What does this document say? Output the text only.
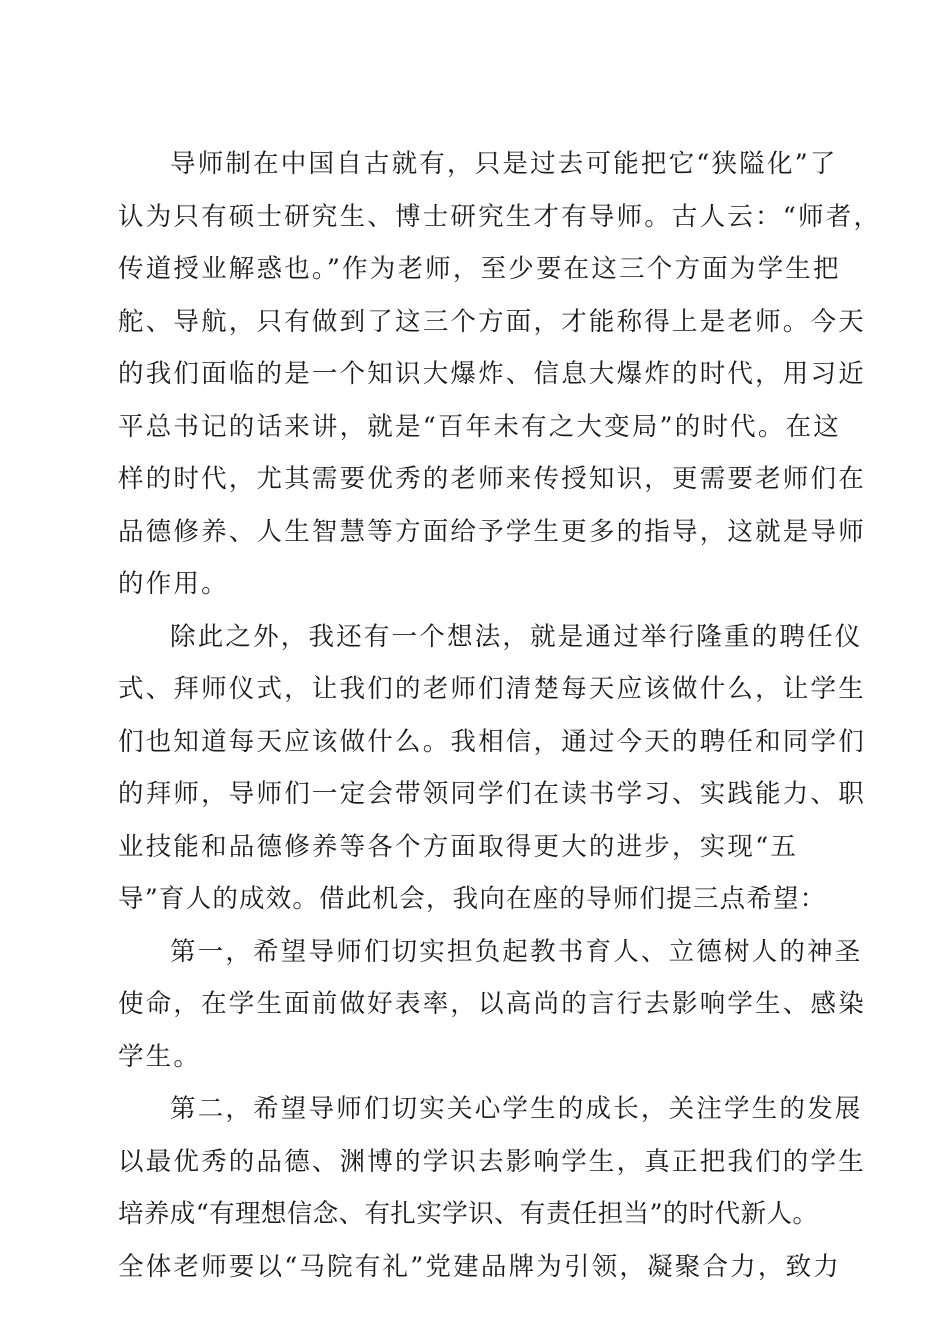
导师制在中国自古就有，只是过去可能把它“狭隘化”了
认为只有硕士研究生、博士研究生才有导师。古人云：“师者，
传道授业解惑也。”作为老师，至少要在这三个方面为学生把
舵、导航，只有做到了这三个方面，才能称得上是老师。今天
的我们面临的是一个知识大爆炸、信息大爆炸的时代，用习近
平总书记的话来讲，就是“百年未有之大变局”的时代。在这
样的时代，尤其需要优秀的老师来传授知识，更需要老师们在
品德修养、人生智慧等方面给予学生更多的指导，这就是导师
的作用。
除此之外，我还有一个想法，就是通过举行隆重的聘任仪
式、拜师仪式，让我们的老师们清楚每天应该做什么，让学生
们也知道每天应该做什么。我相信，通过今天的聘任和同学们
的拜师，导师们一定会带领同学们在读书学习、实践能力、职
业技能和品德修养等各个方面取得更大的进步，实现“五
导”育人的成效。借此机会，我向在座的导师们提三点希望：
第一，希望导师们切实担负起教书育人、立德树人的神圣
使命，在学生面前做好表率，以高尚的言行去影响学生、感染
学生。
第二，希望导师们切实关心学生的成长，关注学生的发展
以最优秀的品德、渊博的学识去影响学生，真正把我们的学生
培养成“有理想信念、有扎实学识、有责任担当”的时代新人。
全体老师要以“马院有礼”党建品牌为引领，凝聚合力，致力
